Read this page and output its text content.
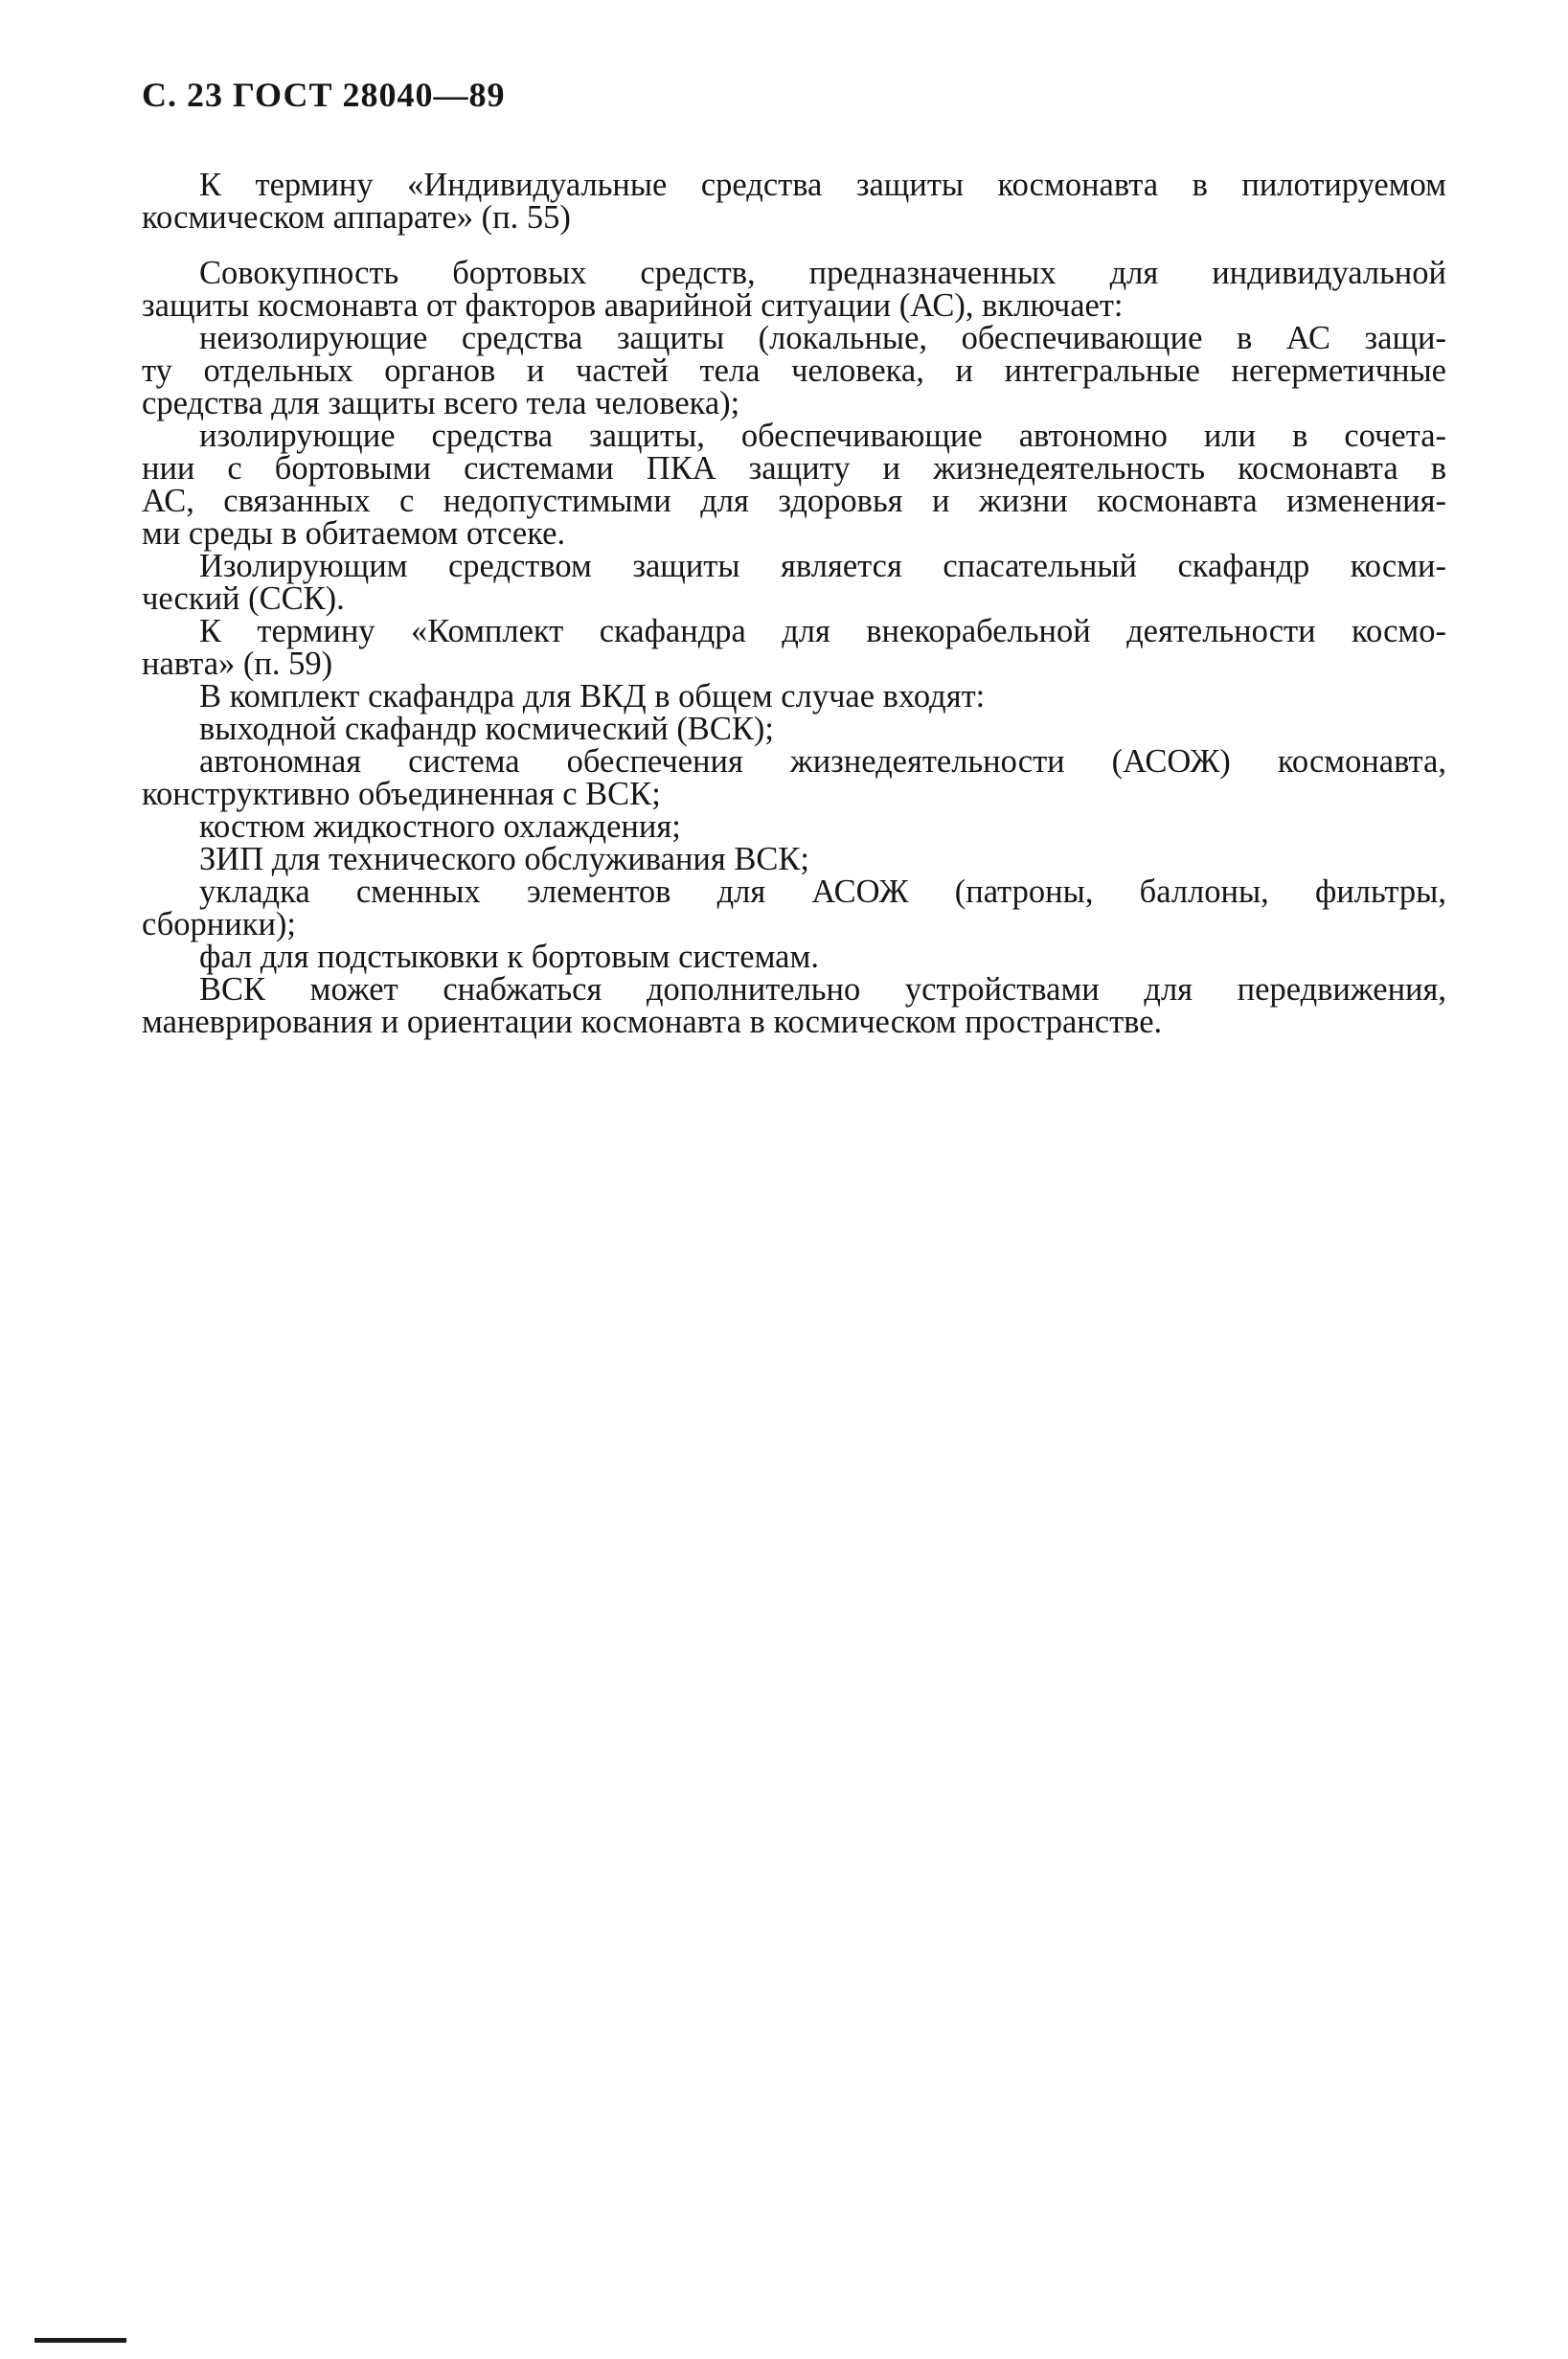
С. 23 ГОСТ 28040—89
К термину «Индивидуальные средства защиты космонавта в пилотируемом
космическом аппарате» (п. 55)
Совокупность бортовых средств, предназначенных для индивидуальной
защиты космонавта от факторов аварийной ситуации (АС), включает:
неизолирующие средства защиты (локальные, обеспечивающие в АС защи-
ту отдельных органов и частей тела человека, и интегральные негерметичные
средства для защиты всего тела человека);
изолирующие средства защиты, обеспечивающие автономно или в сочета-
нии с бортовыми системами ПКА защиту и жизнедеятельность космонавта в
АС, связанных с недопустимыми для здоровья и жизни космонавта изменения-
ми среды в обитаемом отсеке.
Изолирующим средством защиты является спасательный скафандр косми-
ческий (ССК).
К термину «Комплект скафандра для внекорабельной деятельности космо-
навта» (п. 59)
В комплект скафандра для ВКД в общем случае входят:
выходной скафандр космический (ВСК);
автономная система обеспечения жизнедеятельности (АСОЖ) космонавта,
конструктивно объединенная с ВСК;
костюм жидкостного охлаждения;
ЗИП для технического обслуживания ВСК;
укладка сменных элементов для АСОЖ (патроны, баллоны, фильтры,
сборники);
фал для подстыковки к бортовым системам.
ВСК может снабжаться дополнительно устройствами для передвижения,
маневрирования и ориентации космонавта в космическом пространстве.
